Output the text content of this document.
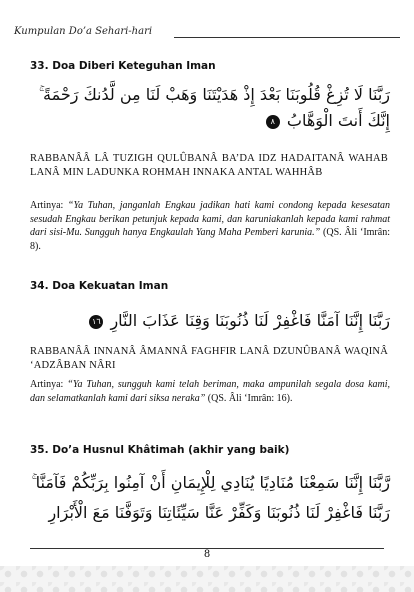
Kumpulan Do’a Sehari-hari
33. Doa Diberi Keteguhan Iman
رَبَّنَا لَا تُزِغْ قُلُوبَنَا بَعْدَ إِذْ هَدَيْتَنَا وَهَبْ لَنَا مِن لَّدُنكَ رَحْمَةً ۚ
إِنَّكَ أَنتَ الْوَهَّابُ ٨
RABBANÂÂ LÂ TUZIGH QULÛBANÂ BA’DA IDZ HADAITANÂ WAHAB LANÂ MIN LADUNKA ROHMAH INNAKA ANTAL WAHHÂB
Artinya: “Ya Tuhan, janganlah Engkau jadikan hati kami condong kepada kesesatan sesudah Engkau berikan petunjuk kepada kami, dan karuniakanlah kepada kami rahmat dari sisi-Mu. Sungguh hanya Engkaulah Yang Maha Pemberi karunia.” (QS. Âli ‘Imrân: 8).
34. Doa Kekuatan Iman
رَبَّنَا إِنَّنَا آمَنَّا فَاغْفِرْ لَنَا ذُنُوبَنَا وَقِنَا عَذَابَ النَّارِ ١٦
RABBANÂÂ INNANÂ ÂMANNÂ FAGHFIR LANÂ DZUNÛBANÂ WAQINÂ ‘ADZÂBAN NÂRI
Artinya: “Ya Tuhan, sungguh kami telah beriman, maka ampunilah segala dosa kami, dan selamatkanlah kami dari siksa neraka” (QS. Âli ‘Imrân: 16).
35. Do’a Husnul Khâtimah (akhir yang baik)
رَّبَّنَا إِنَّنَا سَمِعْنَا مُنَادِيًا يُنَادِي لِلْإِيمَانِ أَنْ آمِنُوا بِرَبِّكُمْ فَآمَنَّا ۚ
رَبَّنَا فَاغْفِرْ لَنَا ذُنُوبَنَا وَكَفِّرْ عَنَّا سَيِّئَاتِنَا وَتَوَفَّنَا مَعَ الْأَبْرَارِ
8
